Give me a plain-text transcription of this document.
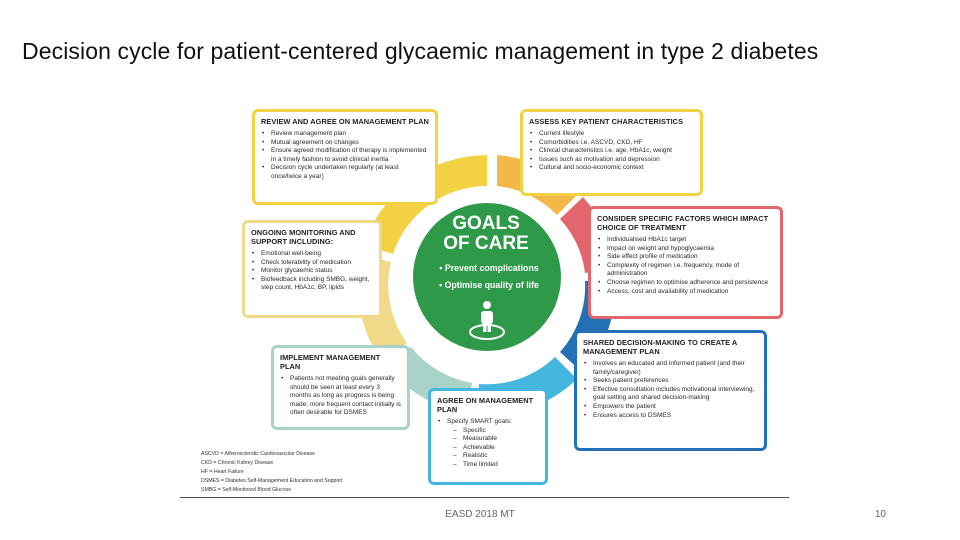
Decision cycle for patient-centered glycaemic management in type 2 diabetes
GOALS
OF CARE
• Prevent complications
• Optimise quality of life
REVIEW AND AGREE ON MANAGEMENT PLAN
• Review management plan
• Mutual agreement on changes
• Ensure agreed modification of therapy is implemented in a timely fashion to avoid clinical inertia
• Decision cycle undertaken regularly (at least once/twice a year)
ASSESS KEY PATIENT CHARACTERISTICS
• Current lifestyle
• Comorbidities i.e. ASCVD, CKD, HF
• Clinical characteristics i.e. age, HbA1c, weight
• Issues such as motivation and depression
• Cultural and socio-economic context
ONGOING MONITORING AND SUPPORT INCLUDING:
• Emotional well-being
• Check tolerability of medication
• Monitor glycaemic status
• Biofeedback including SMBG, weight, step count, HbA1c, BP, lipids
CONSIDER SPECIFIC FACTORS WHICH IMPACT CHOICE OF TREATMENT
• Individualised HbA1c target
• Impact on weight and hypoglycaemia
• Side effect profile of medication
• Complexity of regimen i.e. frequency, mode of administration
• Choose regimen to optimise adherence and persistence
• Access, cost and availability of medication
IMPLEMENT MANAGEMENT PLAN
• Patients not meeting goals generally should be seen at least every 3 months as long as progress is being made; more frequent contact initially is often desirable for DSMES
SHARED DECISION-MAKING TO CREATE A MANAGEMENT PLAN
• Involves an educated and informed patient (and their family/caregiver)
• Seeks patient preferences
• Effective consultation includes motivational interviewing, goal setting and shared decision-making
• Empowers the patient
• Ensures access to DSMES
AGREE ON MANAGEMENT PLAN
• Specify SMART goals:
– Specific
– Measurable
– Achievable
– Realistic
– Time limited
ASCVD = Atherosclerotic Cardiovascular Disease
CKD = Chronic Kidney Disease
HF = Heart Failure
DSMES = Diabetes Self-Management Education and Support
SMBG = Self-Monitored Blood Glucose
EASD 2018 MT	10
